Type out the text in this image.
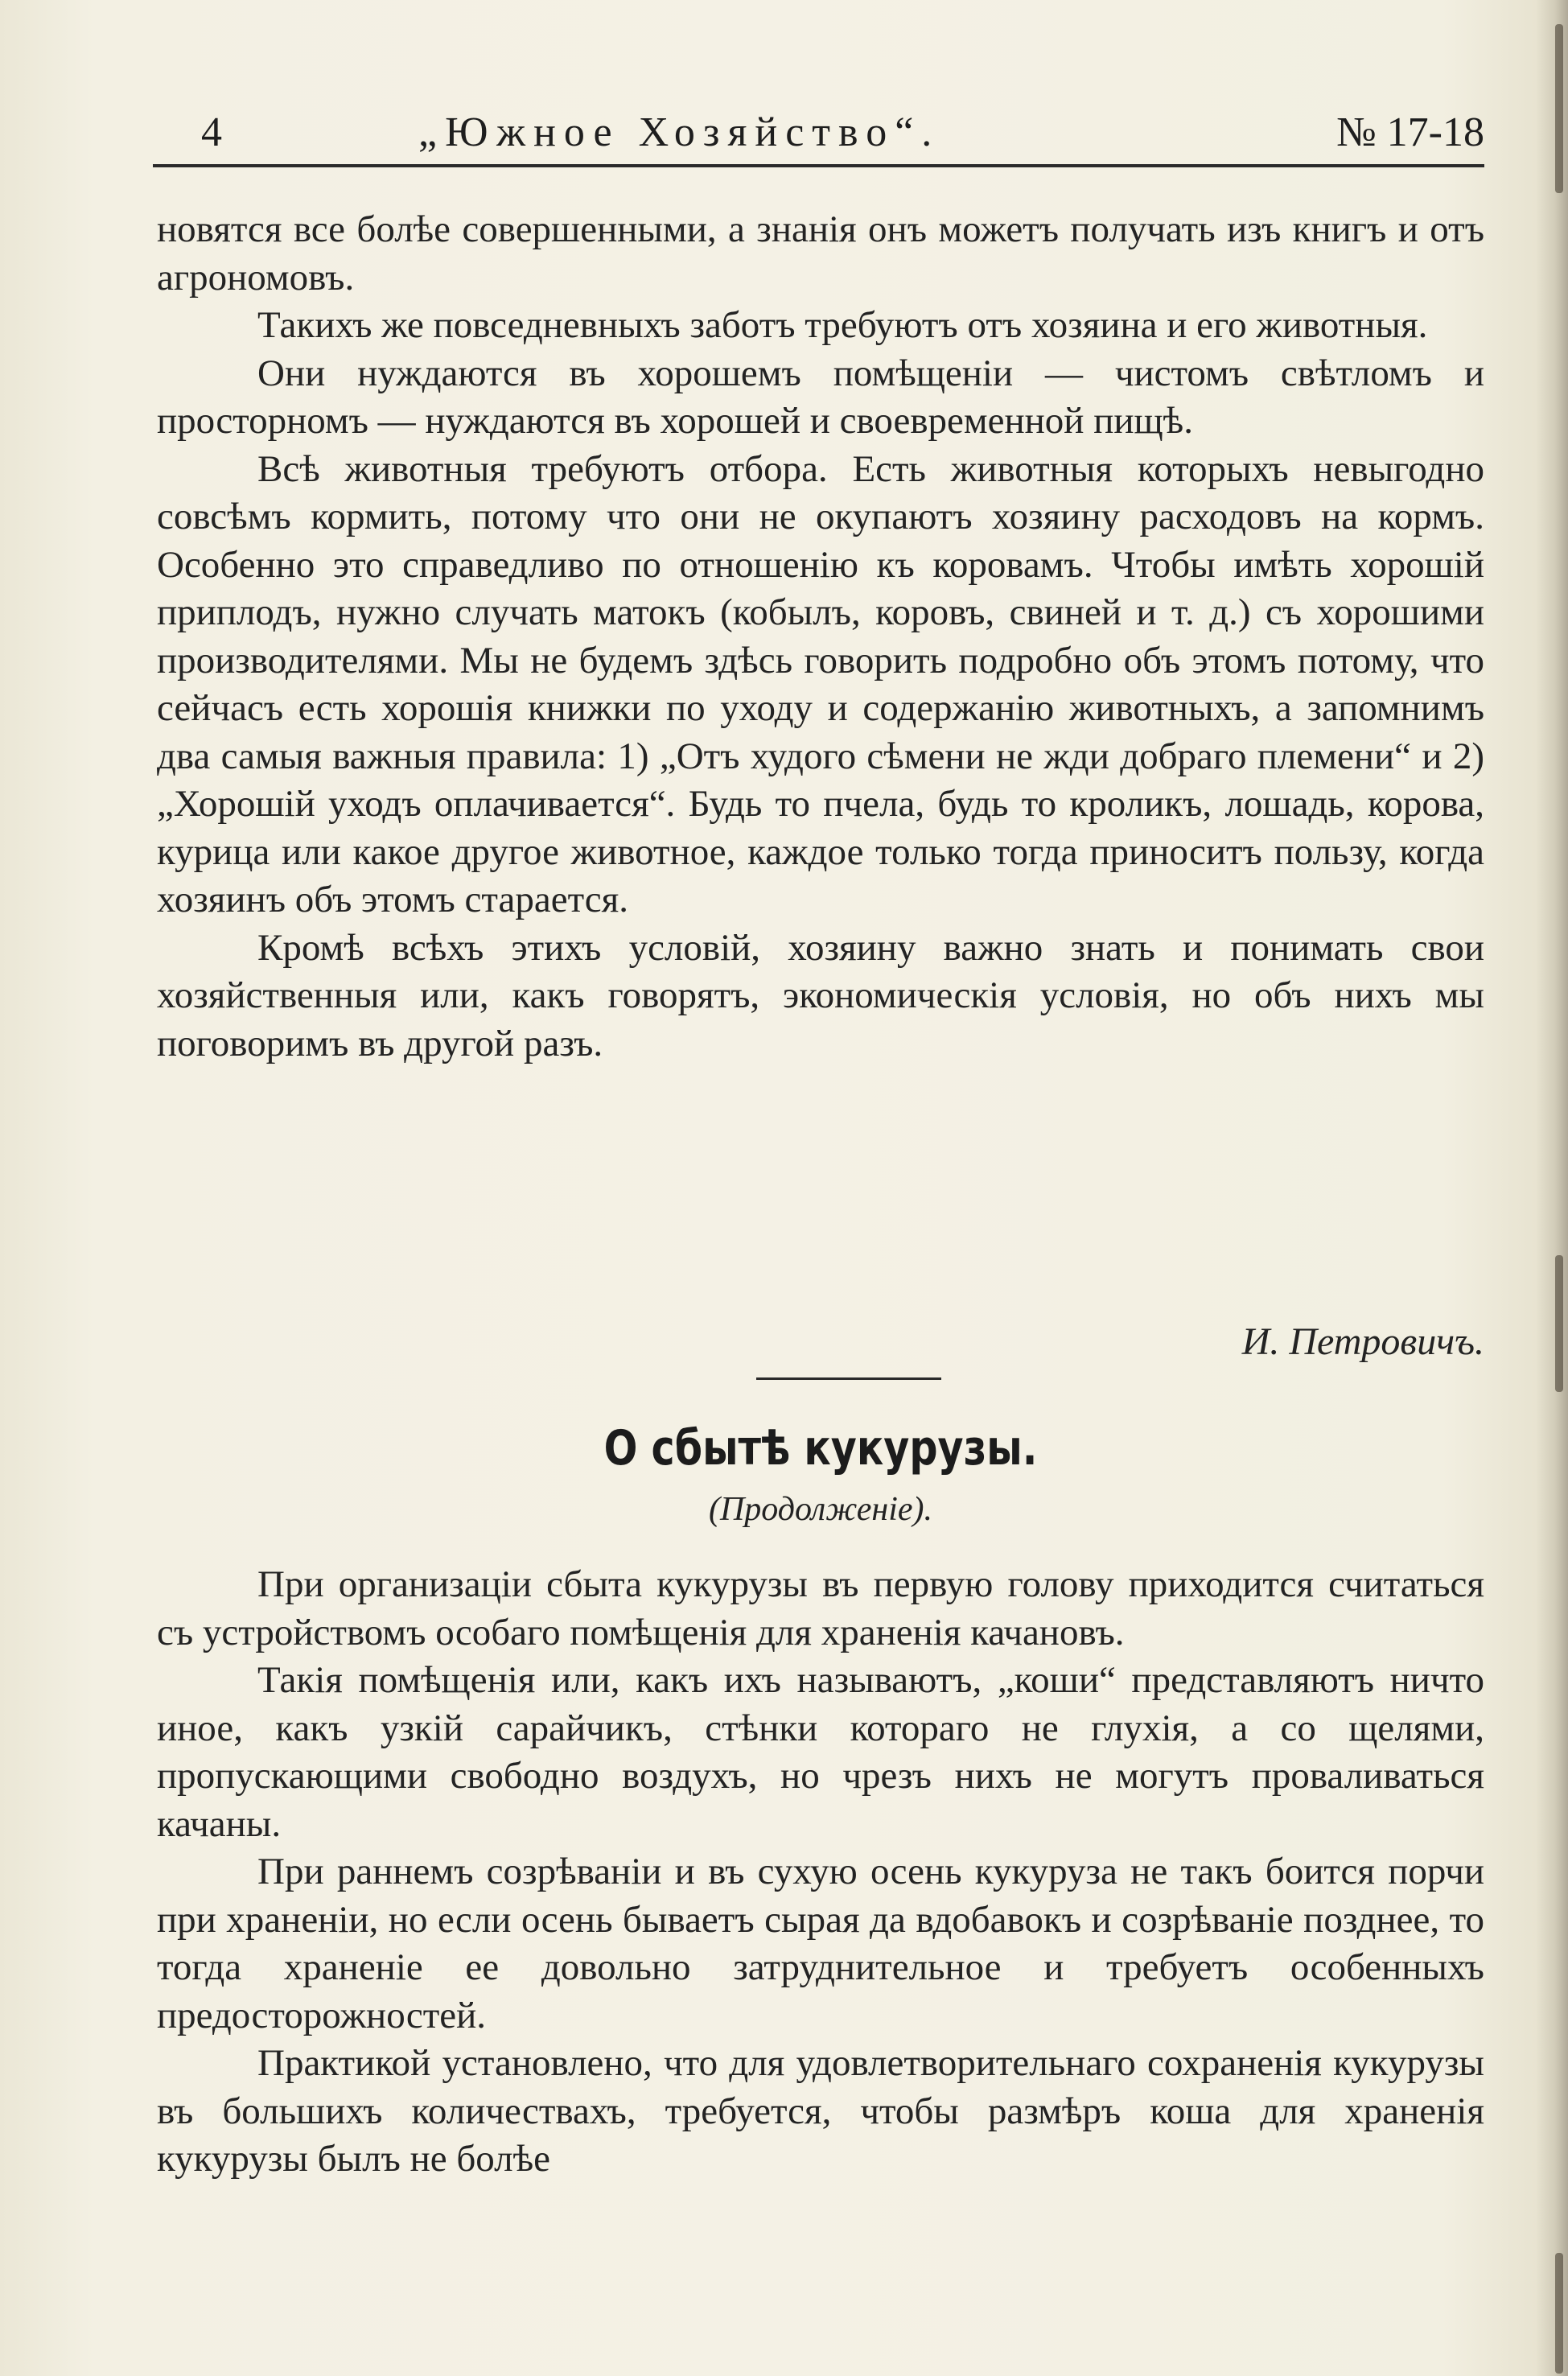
4	„Южное Хозяйство“.	№ 17-18

новятся все болѣе совершенными, а знанія онъ можетъ получать изъ книгъ и отъ агрономовъ.

Такихъ же повседневныхъ заботъ требуютъ отъ хозяина и его животныя.

Они нуждаются въ хорошемъ помѣщеніи — чистомъ свѣтломъ и просторномъ — нуждаются въ хорошей и своевременной пищѣ.

Всѣ животныя требуютъ отбора. Есть животныя которыхъ невыгодно совсѣмъ кормить, потому что они не окупаютъ хозяину расходовъ на кормъ. Особенно это справедливо по отношенію къ коровамъ. Чтобы имѣть хорошій приплодъ, нужно случать матокъ (кобылъ, коровъ, свиней и т. д.) съ хорошими производителями. Мы не будемъ здѣсь говорить подробно объ этомъ потому, что сейчасъ есть хорошія книжки по уходу и содержанію животныхъ, а запомнимъ два самыя важныя правила: 1) „Отъ худого сѣмени не жди добраго племени“ и 2) „Хорошій уходъ оплачивается“. Будь то пчела, будь то кроликъ, лошадь, корова, курица или какое другое животное, каждое только тогда приноситъ пользу, когда хозяинъ объ этомъ старается.

Кромѣ всѣхъ этихъ условій, хозяину важно знать и понимать свои хозяйственныя или, какъ говорятъ, экономическія условія, но объ нихъ мы поговоримъ въ другой разъ.

И. Петровичъ.
О сбытѣ кукурузы.
(Продолженіе).

При организаціи сбыта кукурузы въ первую голову приходится считаться съ устройствомъ особаго помѣщенія для храненія качановъ.

Такія помѣщенія или, какъ ихъ называютъ, „коши“ представляютъ ничто иное, какъ узкій сарайчикъ, стѣнки котораго не глухія, а со щелями, пропускающими свободно воздухъ, но чрезъ нихъ не могутъ проваливаться качаны.

При раннемъ созрѣваніи и въ сухую осень кукуруза не такъ боится порчи при храненіи, но если осень бываетъ сырая да вдобавокъ и созрѣваніе позднее, то тогда храненіе ее довольно затруднительное и требуетъ особенныхъ предосторожностей.

Практикой установлено, что для удовлетворительнаго сохраненія кукурузы въ большихъ количествахъ, требуется, чтобы размѣръ коша для храненія кукурузы былъ не болѣе
